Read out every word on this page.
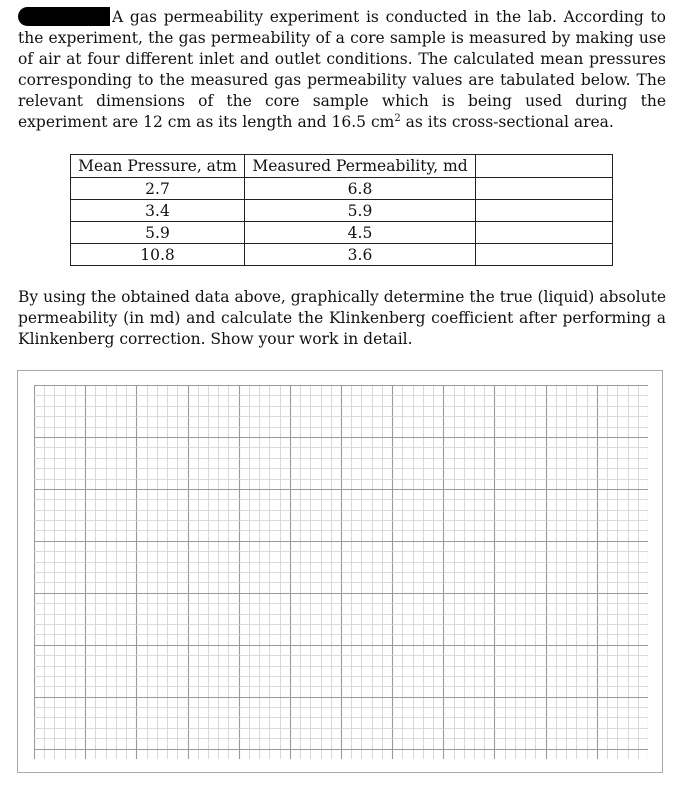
A gas permeability experiment is conducted in the lab. According to the experiment, the gas permeability of a core sample is measured by making use of air at four different inlet and outlet conditions. The calculated mean pressures corresponding to the measured gas permeability values are tabulated below. The relevant dimensions of the core sample which is being used during the experiment are 12 cm as its length and 16.5 $cm^2$ as its cross-sectional area.

Mean Pressure, atm	Measured Permeability, md	
2.7	6.8	
3.4	5.9	
5.9	4.5	
10.8	3.6	

By using the obtained data above, graphically determine the true (liquid) absolute permeability (in md) and calculate the Klinkenberg coefficient after performing a Klinkenberg correction. Show your work in detail.
